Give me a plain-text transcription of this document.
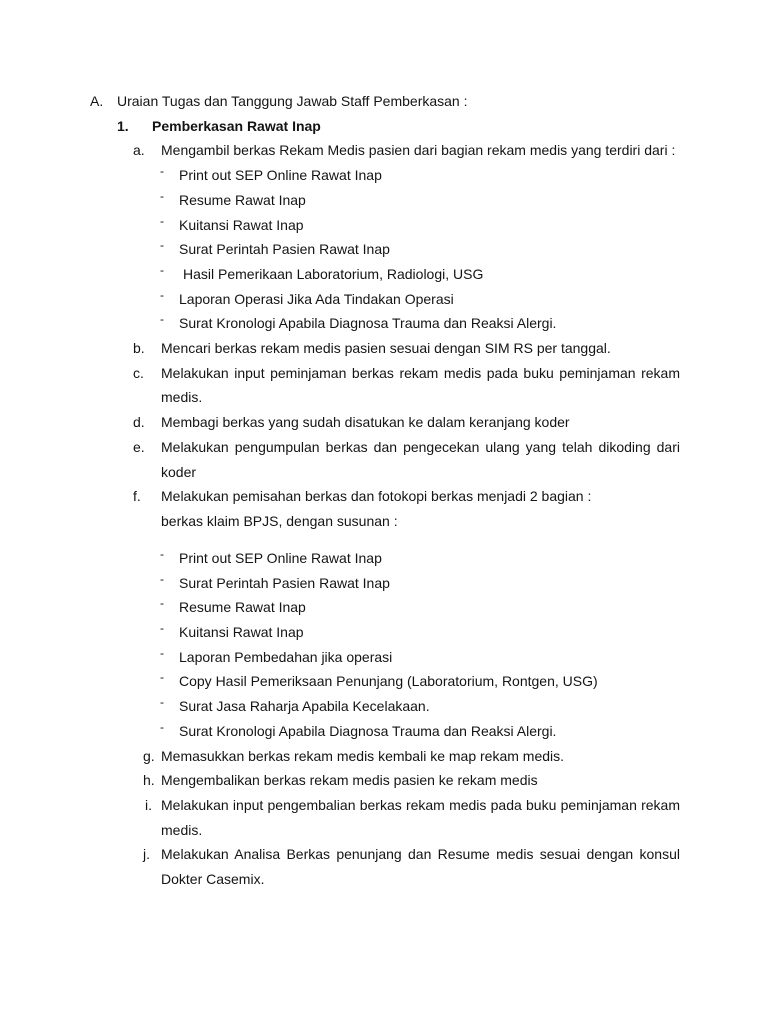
A. Uraian Tugas dan Tanggung Jawab Staff Pemberkasan :
1. Pemberkasan Rawat Inap
a. Mengambil berkas Rekam Medis pasien dari bagian rekam medis yang terdiri dari :
- Print out SEP Online Rawat Inap
- Resume Rawat Inap
- Kuitansi Rawat Inap
- Surat Perintah Pasien Rawat Inap
- Hasil Pemerikaan Laboratorium, Radiologi, USG
- Laporan Operasi Jika Ada Tindakan Operasi
- Surat Kronologi Apabila Diagnosa Trauma dan Reaksi Alergi.
b. Mencari berkas rekam medis pasien sesuai dengan SIM RS per tanggal.
c. Melakukan input peminjaman berkas rekam medis pada buku peminjaman rekam medis.
d. Membagi berkas yang sudah disatukan ke dalam keranjang koder
e. Melakukan pengumpulan berkas dan pengecekan ulang yang telah dikoding dari koder
f. Melakukan pemisahan berkas dan fotokopi berkas menjadi 2 bagian :
berkas klaim BPJS, dengan susunan :
- Print out SEP Online Rawat Inap
- Surat Perintah Pasien Rawat Inap
- Resume Rawat Inap
- Kuitansi Rawat Inap
- Laporan Pembedahan jika operasi
- Copy Hasil Pemeriksaan Penunjang (Laboratorium, Rontgen, USG)
- Surat Jasa Raharja Apabila Kecelakaan.
- Surat Kronologi Apabila Diagnosa Trauma dan Reaksi Alergi.
g. Memasukkan berkas rekam medis kembali ke map rekam medis.
h. Mengembalikan berkas rekam medis pasien ke rekam medis
i. Melakukan input pengembalian berkas rekam medis pada buku peminjaman rekam medis.
j. Melakukan Analisa Berkas penunjang dan Resume medis sesuai dengan konsul Dokter Casemix.
